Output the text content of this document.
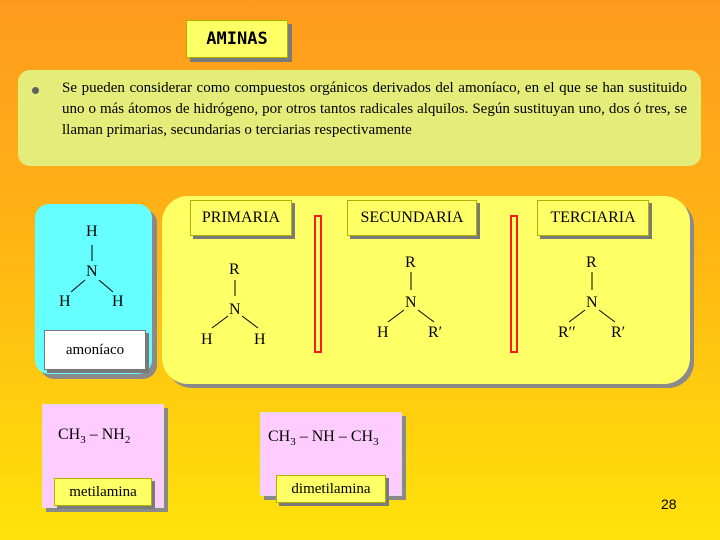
AMINAS
Se pueden considerar como compuestos orgánicos derivados del amoníaco, en el que se han sustituido uno o más átomos de hidrógeno, por otros tantos radicales alquilos. Según sustituyan uno, dos ó tres, se llaman primarias, secundarias o terciarias respectivamente
H
N
H	H
amoníaco
PRIMARIA	SECUNDARIA	TERCIARIA
R
N
H	H
R
N
H R′
R
N
R′′ R′
$CH_3 - NH_2$
metilamina
$CH_3$ – NH – $CH_3$
dimetilamina
28
